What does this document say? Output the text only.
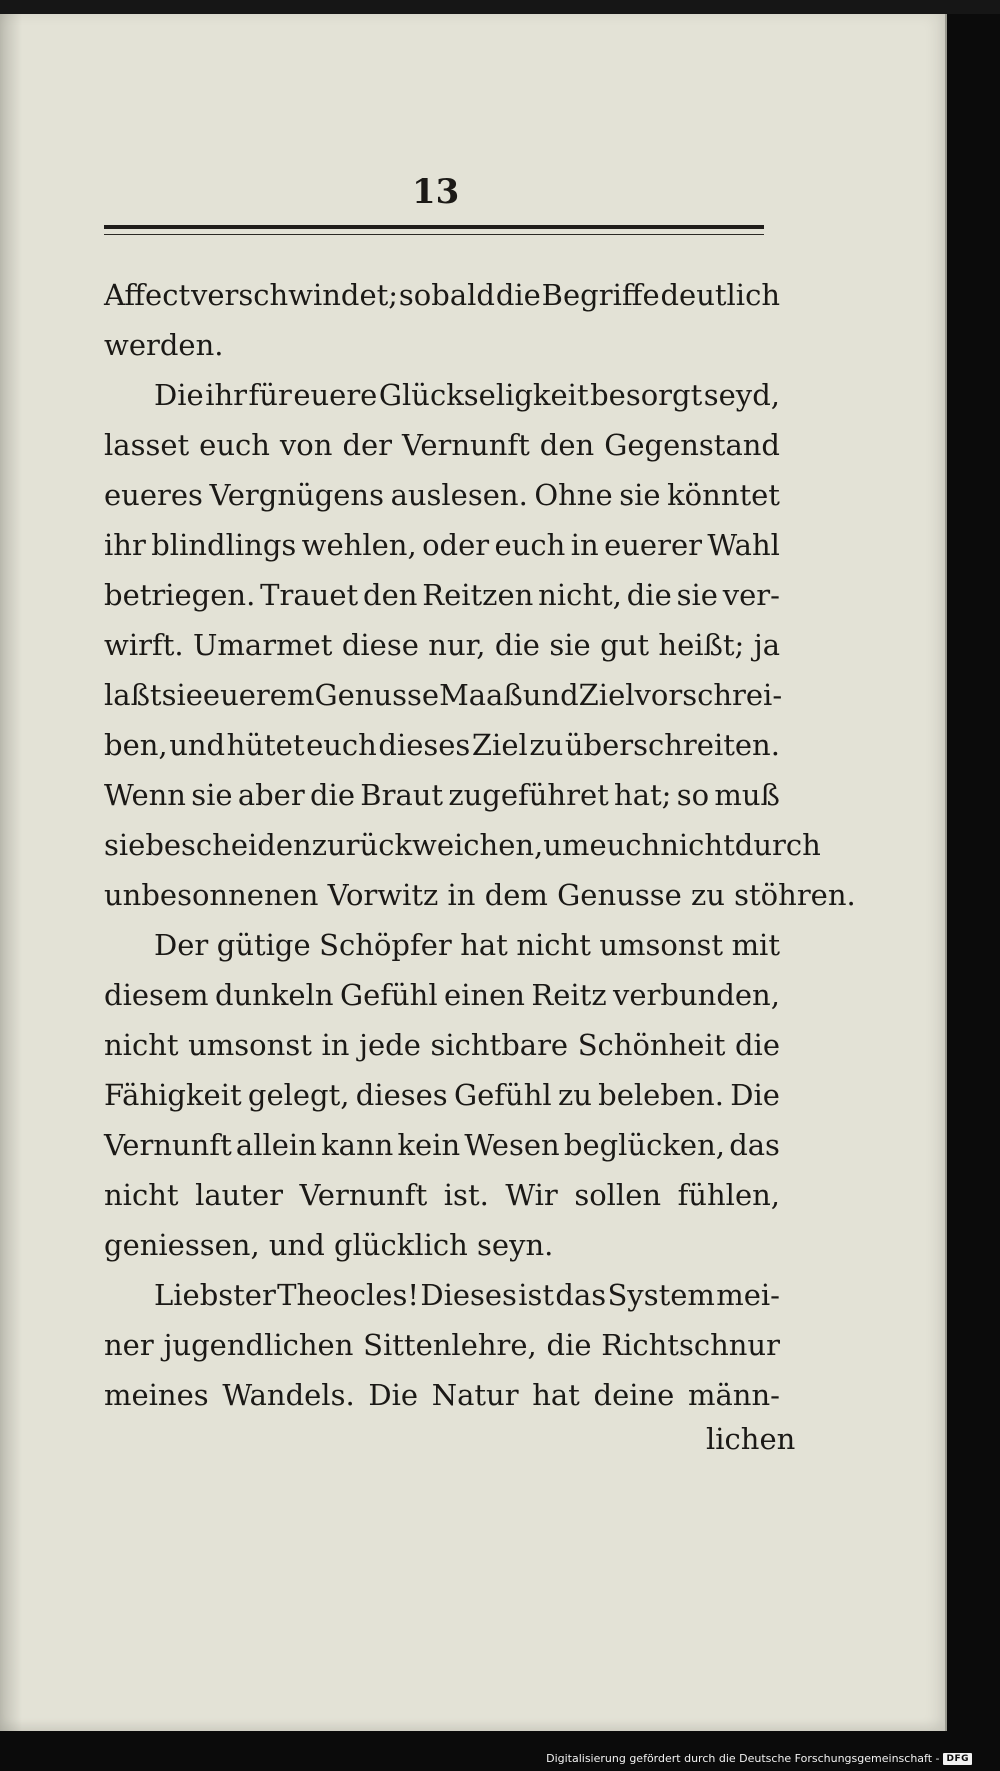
13
Affect verschwindet; sobald die Begriffe deutlich
werden.
Die ihr für euere Glückseligkeit besorgt seyd,
lasset euch von der Vernunft den Gegenstand
eueres Vergnügens auslesen. Ohne sie könntet
ihr blindlings wehlen, oder euch in euerer Wahl
betriegen. Trauet den Reitzen nicht, die sie ver-
wirft. Umarmet diese nur, die sie gut heißt; ja
laßt sie euerem Genusse Maaß und Ziel vorschrei-
ben, und hütet euch dieses Ziel zu überschreiten.
Wenn sie aber die Braut zugeführet hat; so muß
sie bescheiden zurück weichen, um euch nicht durch
unbesonnenen Vorwitz in dem Genusse zu stöhren.
Der gütige Schöpfer hat nicht umsonst mit
diesem dunkeln Gefühl einen Reitz verbunden,
nicht umsonst in jede sichtbare Schönheit die
Fähigkeit gelegt, dieses Gefühl zu beleben. Die
Vernunft allein kann kein Wesen beglücken, das
nicht lauter Vernunft ist. Wir sollen fühlen,
geniessen, und glücklich seyn.
Liebster Theocles! Dieses ist das System mei-
ner jugendlichen Sittenlehre, die Richtschnur
meines Wandels. Die Natur hat deine männ-
lichen
Digitalisierung gefördert durch die Deutsche Forschungsgemeinschaft - DFG
